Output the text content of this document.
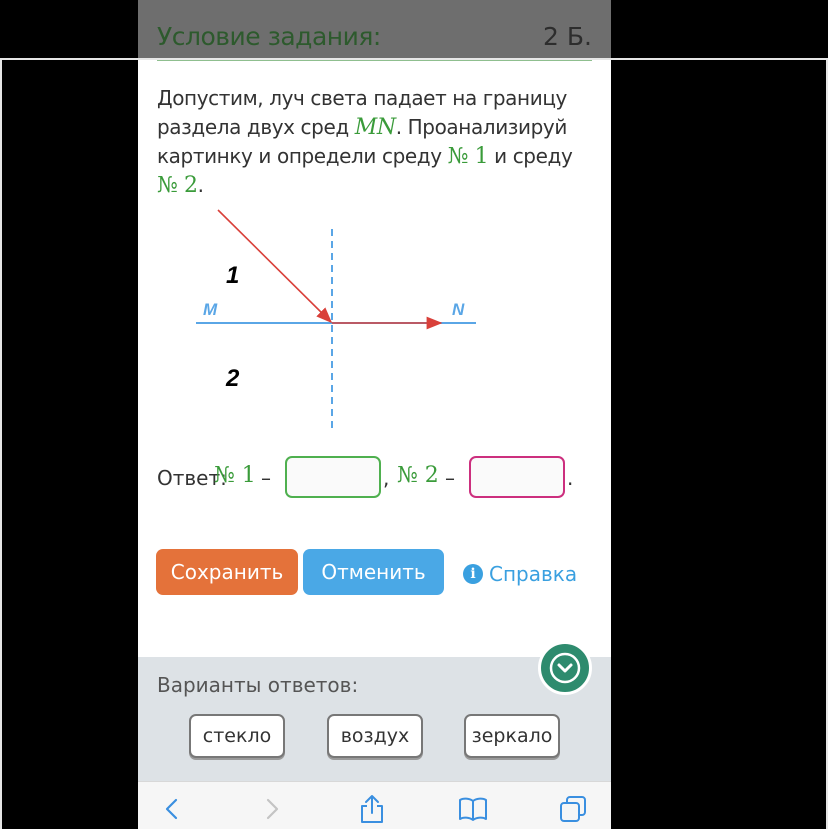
Условие задания:	2 Б.
Допустим, луч света падает на границу раздела двух сред MN. Проанализируй картинку и определи среду № 1 и среду № 2.
1
2
M	N
Ответ:
№ 1 –	, № 2 –	.
Сохранить	Отменить	i Справка
Варианты ответов:
стекло	воздух	зеркало
